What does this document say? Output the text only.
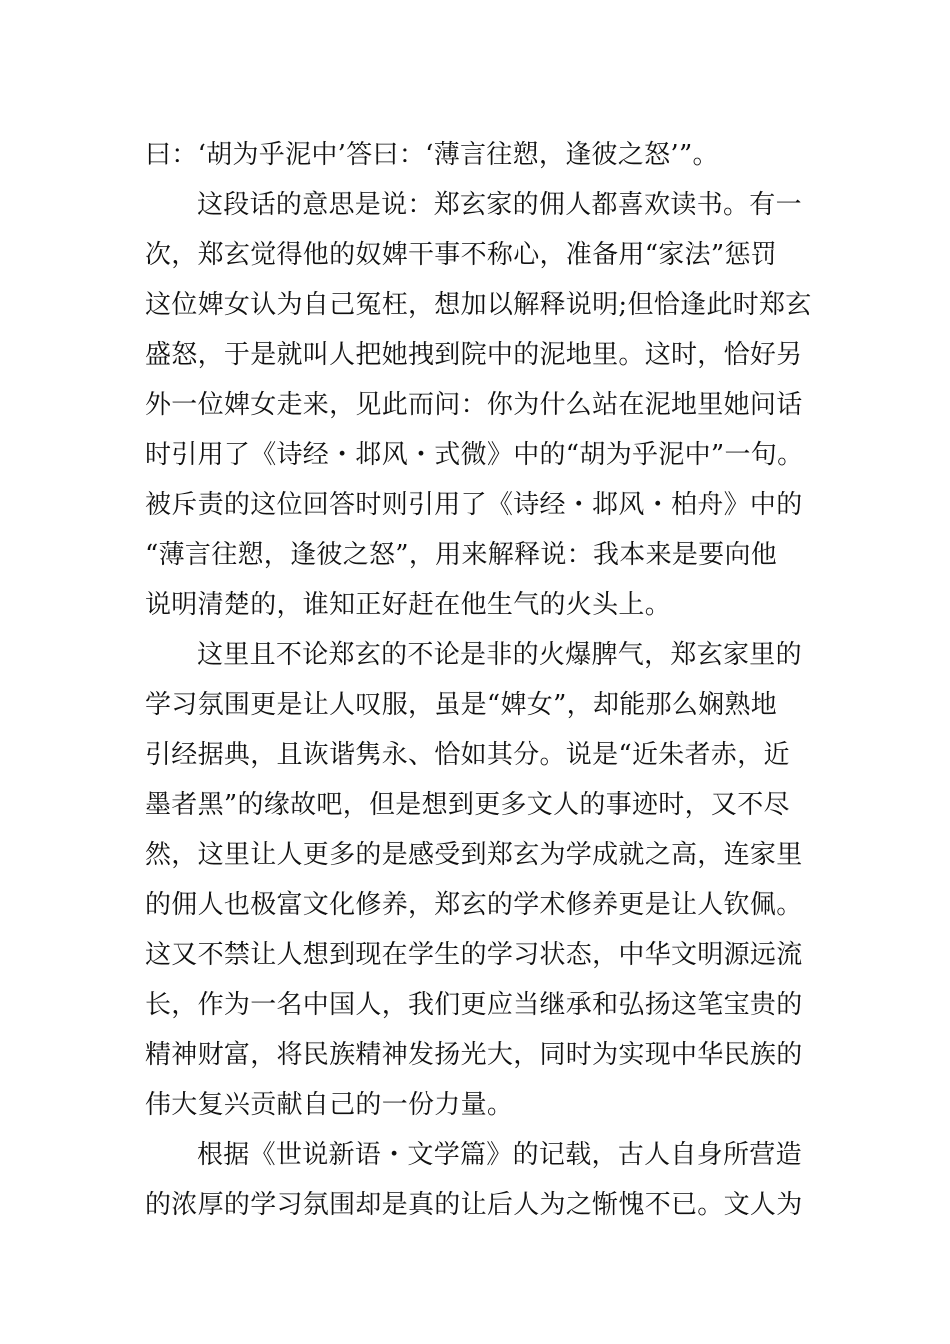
曰：‘胡为乎泥中’答曰：‘薄言往愬，逢彼之怒’”。
这段话的意思是说：郑玄家的佣人都喜欢读书。有一
次，郑玄觉得他的奴婢干事不称心，准备用“家法”惩罚
这位婢女认为自己冤枉，想加以解释说明;但恰逢此时郑玄
盛怒，于是就叫人把她拽到院中的泥地里。这时，恰好另
外一位婢女走来，见此而问：你为什么站在泥地里她问话
时引用了《诗经・邶风・式微》中的“胡为乎泥中”一句。
被斥责的这位回答时则引用了《诗经・邶风・柏舟》中的
“薄言往愬，逢彼之怒”，用来解释说：我本来是要向他
说明清楚的，谁知正好赶在他生气的火头上。
这里且不论郑玄的不论是非的火爆脾气，郑玄家里的
学习氛围更是让人叹服，虽是“婢女”，却能那么娴熟地
引经据典，且诙谐隽永、恰如其分。说是“近朱者赤，近
墨者黑”的缘故吧，但是想到更多文人的事迹时，又不尽
然，这里让人更多的是感受到郑玄为学成就之高，连家里
的佣人也极富文化修养，郑玄的学术修养更是让人钦佩。
这又不禁让人想到现在学生的学习状态，中华文明源远流
长，作为一名中国人，我们更应当继承和弘扬这笔宝贵的
精神财富，将民族精神发扬光大，同时为实现中华民族的
伟大复兴贡献自己的一份力量。
根据《世说新语・文学篇》的记载，古人自身所营造
的浓厚的学习氛围却是真的让后人为之惭愧不已。文人为
